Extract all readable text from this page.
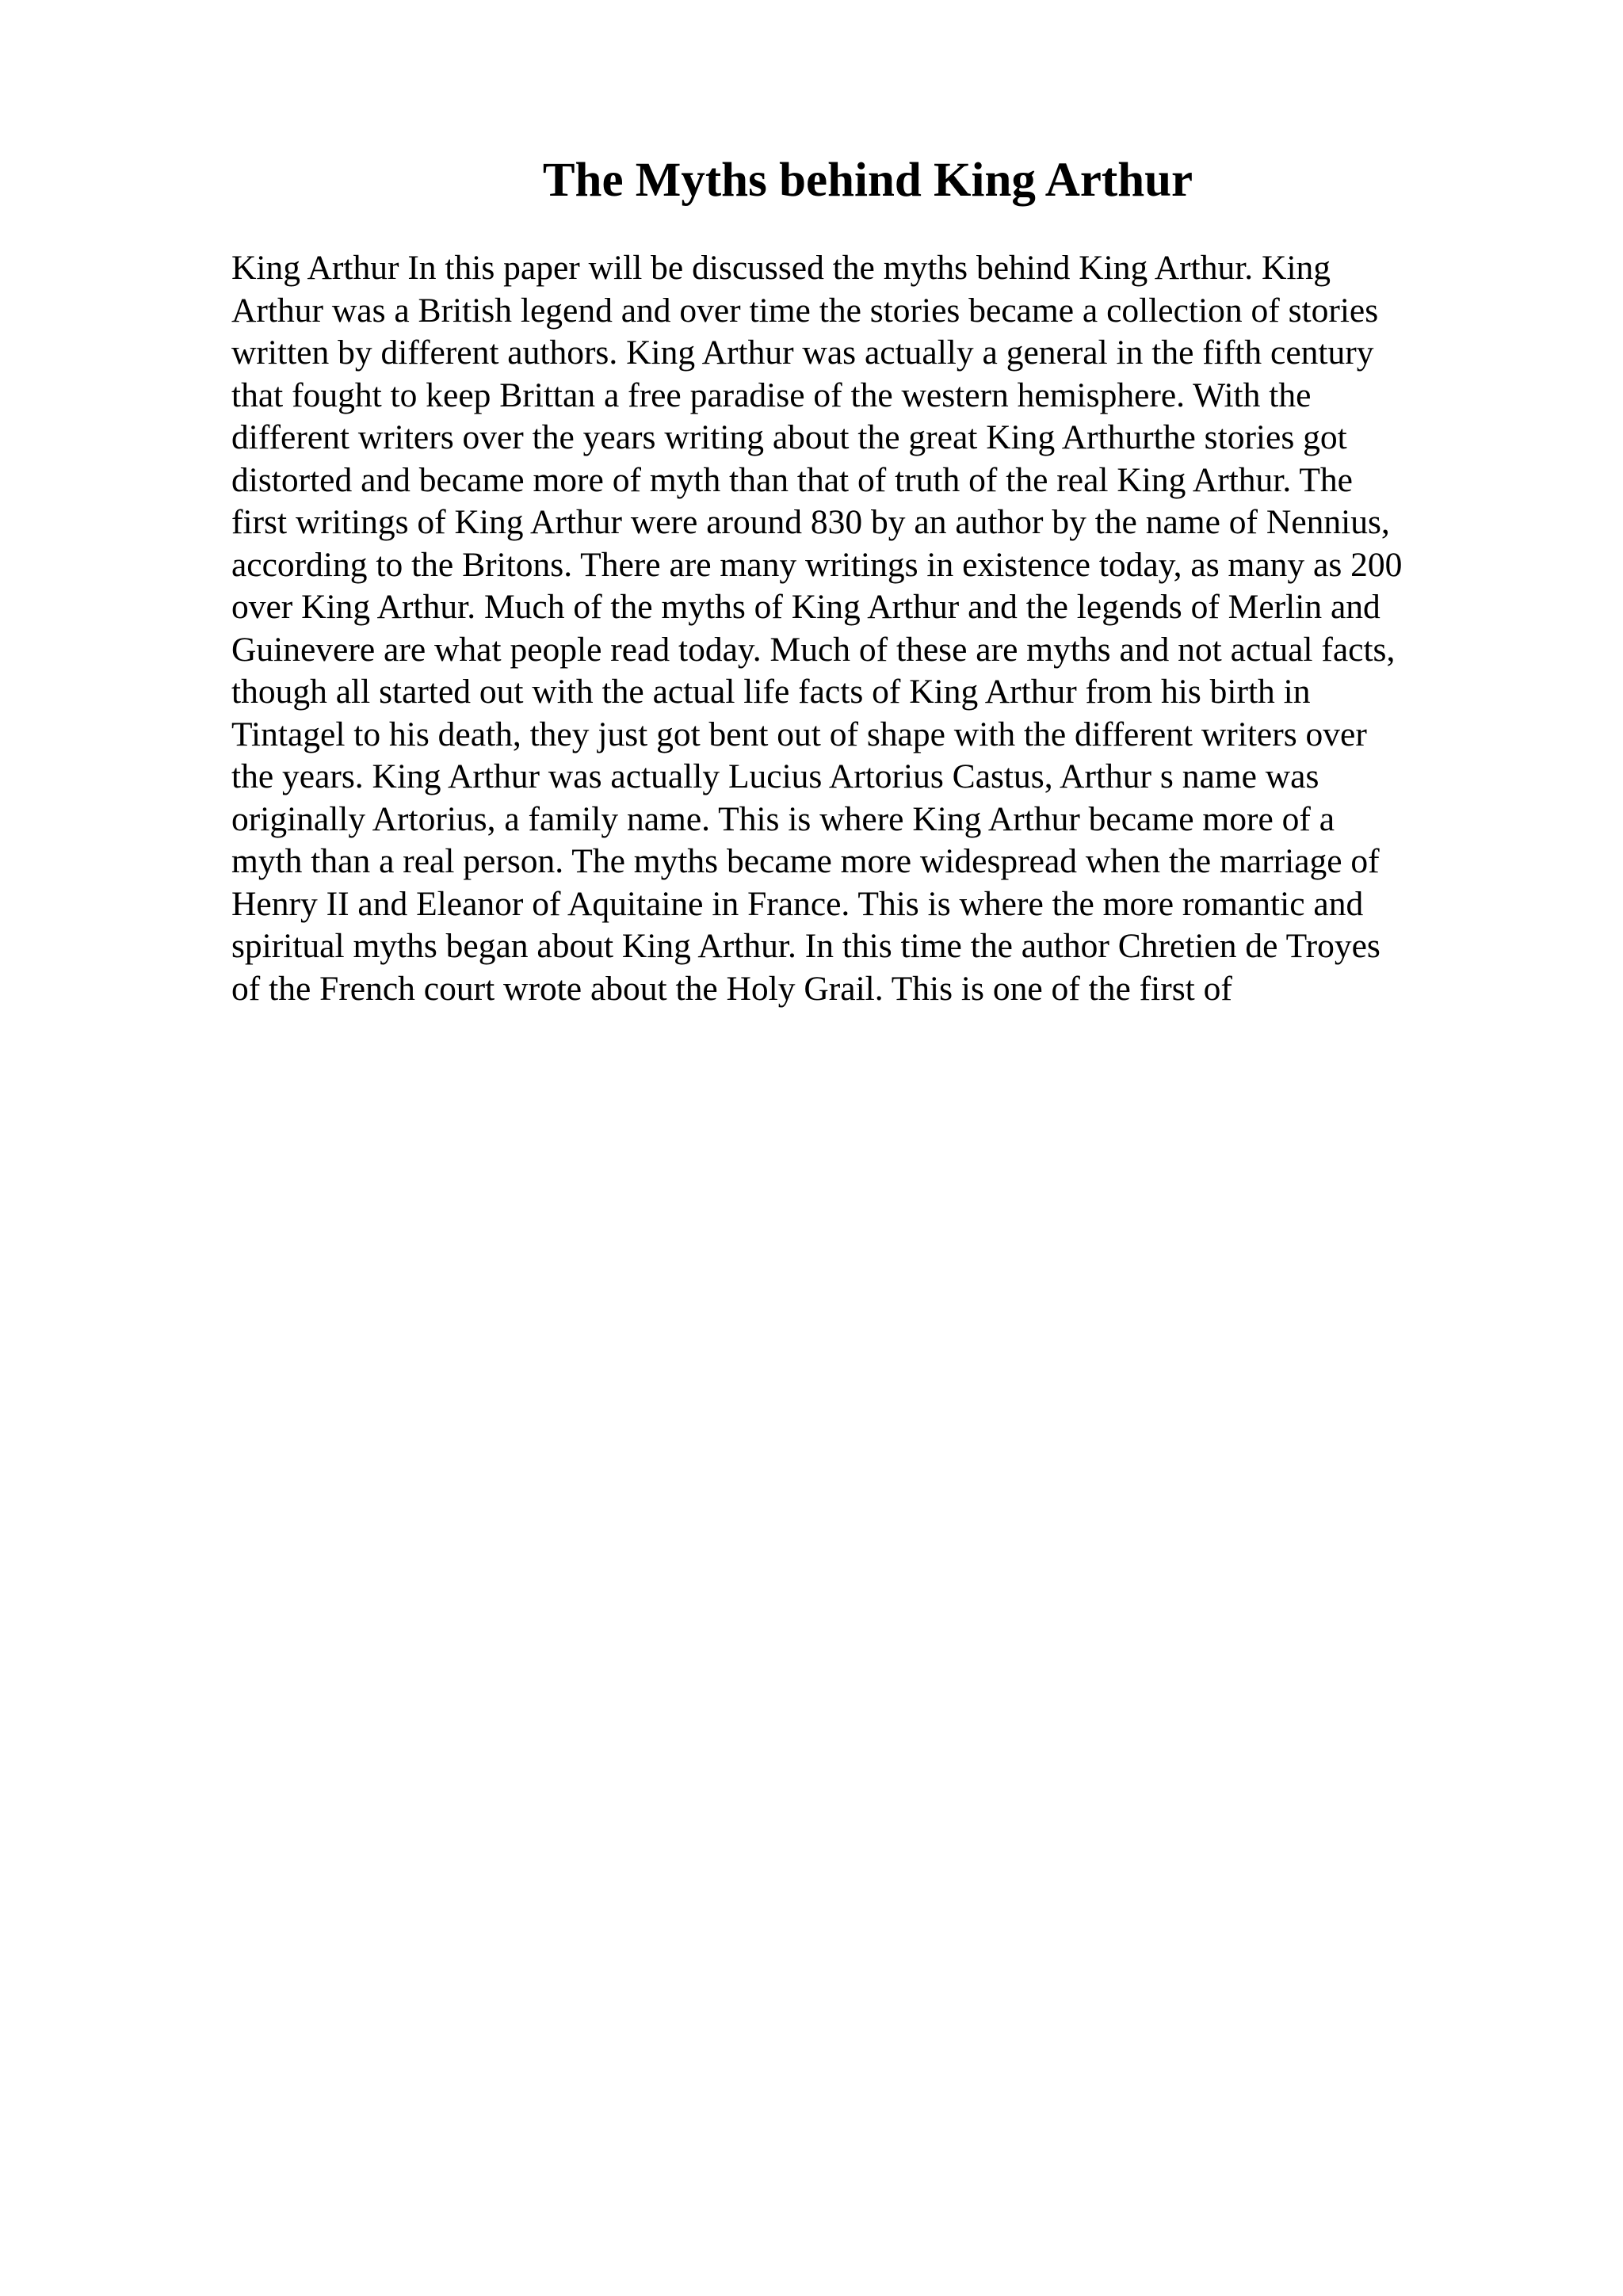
The Myths behind King Arthur
King Arthur In this paper will be discussed the myths behind King Arthur. King
Arthur was a British legend and over time the stories became a collection of stories
written by different authors. King Arthur was actually a general in the fifth century
that fought to keep Brittan a free paradise of the western hemisphere. With the
different writers over the years writing about the great King Arthurthe stories got
distorted and became more of myth than that of truth of the real King Arthur. The
first writings of King Arthur were around 830 by an author by the name of Nennius,
according to the Britons. There are many writings in existence today, as many as 200
over King Arthur. Much of the myths of King Arthur and the legends of Merlin and
Guinevere are what people read today. Much of these are myths and not actual facts,
though all started out with the actual life facts of King Arthur from his birth in
Tintagel to his death, they just got bent out of shape with the different writers over
the years. King Arthur was actually Lucius Artorius Castus, Arthur s name was
originally Artorius, a family name. This is where King Arthur became more of a
myth than a real person. The myths became more widespread when the marriage of
Henry II and Eleanor of Aquitaine in France. This is where the more romantic and
spiritual myths began about King Arthur. In this time the author Chretien de Troyes
of the French court wrote about the Holy Grail. This is one of the first of
